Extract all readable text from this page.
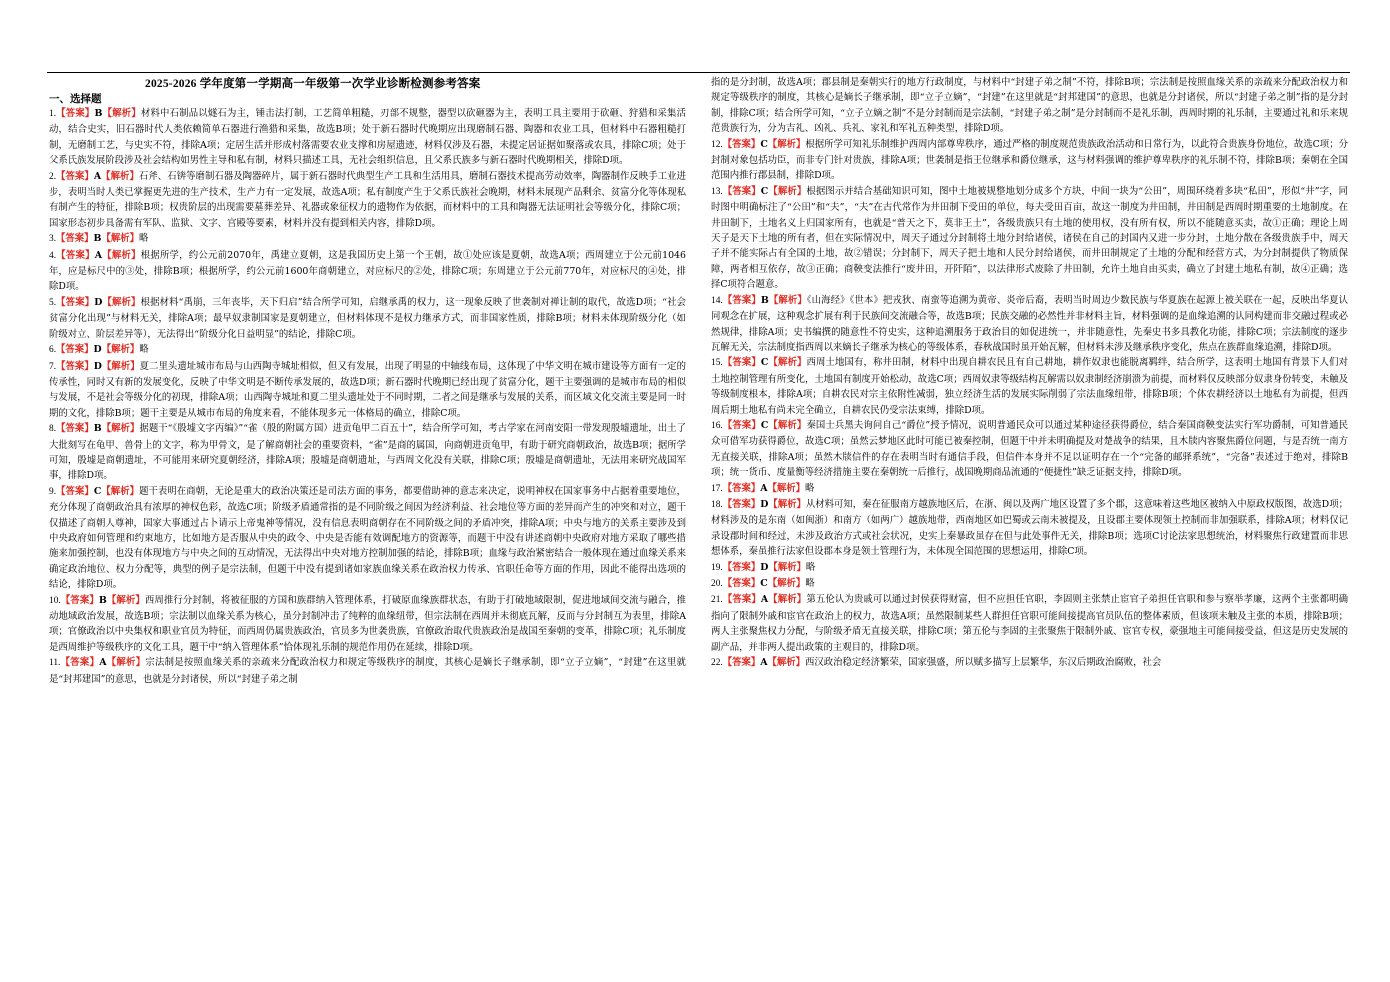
2025-2026 学年度第一学期高一年级第一次学业诊断检测参考答案
一、选择题
1.【答案】B【解析】材料中石制品以燧石为主，锤击法打制，工艺简单粗糙，刃部不规整，器型以砍砸器为主，表明工具主要用于砍砸、狩猎和采集活动，结合史实，旧石器时代人类依赖简单石器进行渔猎和采集，故选B项；处于新石器时代晚期应出现磨制石器、陶器和农业工具，但材料中石器粗糙打制，无磨制工艺，与史实不符，排除A项；定居生活并形成村落需要农业支撑和房屋遗迹，材料仅涉及石器，未提定居证据如聚落或农具，排除C项；处于父系氏族发展阶段涉及社会结构如男性主导和私有制，材料只描述工具，无社会组织信息，且父系氏族多与新石器时代晚期相关，排除D项。
2.【答案】A【解析】石斧、石锛等磨制石器及陶器碎片，属于新石器时代典型生产工具和生活用具，磨制石器技术提高劳动效率，陶器制作反映手工业进步，表明当时人类已掌握更先进的生产技术，生产力有一定发展，故选A项；私有制度产生于父系氏族社会晚期，材料未展现产品剩余、贫富分化等体现私有制产生的特征，排除B项；权贵阶层的出现需要墓葬差异、礼器或象征权力的遗物作为依据，而材料中的工具和陶器无法证明社会等级分化，排除C项；国家形态初步具备需有军队、监狱、文字、宫殿等要素，材料并没有提到相关内容，排除D项。
3.【答案】B【解析】略
4.【答案】A【解析】根据所学，约公元前2070年，禹建立夏朝，这是我国历史上第一个王朝，故①处应该是夏朝，故选A项；西周建立于公元前1046年，应是标尺中的③处，排除B项；根据所学，约公元前1600年商朝建立，对应标尺的②处，排除C项；东周建立于公元前770年，对应标尺的④处，排除D项。
5.【答案】D【解析】根据材料“禹崩，三年丧毕，天下归启”结合所学可知，启继承禹的权力，这一现象反映了世袭制对禅让制的取代，故选D项；“社会贫富分化出现”与材料无关，排除A项；最早奴隶制国家是夏朝建立，但材料体现不是权力继承方式，而非国家性质，排除B项；材料未体现阶级分化（如阶级对立、阶层差异等），无法得出“阶级分化日益明显”的结论，排除C项。
6.【答案】D【解析】略
7.【答案】D【解析】夏二里头遗址城市布局与山西陶寺城址相似，但又有发展，出现了明显的中轴线布局，这体现了中华文明在城市建设等方面有一定的传承性，同时又有新的发展变化，反映了中华文明是不断传承发展的，故选D项；新石器时代晚期已经出现了贫富分化，题干主要强调的是城市布局的相似与发展，不是社会等级分化的初现，排除A项；山西陶寺城址和夏二里头遗址处于不同时期，二者之间是继承与发展的关系，而区域文化交流主要是同一时期的文化，排除B项；题干主要是从城市布局的角度来看，不能体现多元一体格局的确立，排除C项。
8.【答案】B【解析】据题干“《殷墟文字丙编》”“雀（殷的附属方国）进贡龟甲二百五十”，结合所学可知，考古学家在河南安阳一带发现殷墟遗址，出土了大批刻写在龟甲、兽骨上的文字，称为甲骨文，是了解商朝社会的重要资料，“雀”是商的属国，向商朝进贡龟甲，有助于研究商朝政治，故选B项；据所学可知，殷墟是商朝遗址，不可能用来研究夏朝经济，排除A项；殷墟是商朝遗址，与西周文化没有关联，排除C项；殷墟是商朝遗址，无法用来研究战国军事，排除D项。
9.【答案】C【解析】题干表明在商朝，无论是重大的政治决策还是司法方面的事务，都要借助神的意志来决定，说明神权在国家事务中占据着重要地位，充分体现了商朝政治具有浓厚的神权色彩，故选C项；阶级矛盾通常指的是不同阶级之间因为经济利益、社会地位等方面的差异而产生的冲突和对立，题干仅描述了商朝人尊神，国家大事通过占卜请示上帝鬼神等情况，没有信息表明商朝存在不同阶级之间的矛盾冲突，排除A项；中央与地方的关系主要涉及到中央政府如何管理和约束地方，比如地方是否服从中央的政令、中央是否能有效调配地方的资源等，而题干中没有讲述商朝中央政府对地方采取了哪些措施来加强控制，也没有体现地方与中央之间的互动情况，无法得出中央对地方控制加强的结论，排除B项；血缘与政治紧密结合一般体现在通过血缘关系来确定政治地位、权力分配等，典型的例子是宗法制，但题干中没有提到诸如家族血缘关系在政治权力传承、官职任命等方面的作用，因此不能得出选项的结论，排除D项。
10.【答案】B【解析】西周推行分封制，将被征服的方国和族群纳入管理体系，打破原血缘族群状态，有助于打破地域限制，促进地域间交流与融合，推动地域政治发展，故选B项；宗法制以血缘关系为核心，虽分封制冲击了纯粹的血缘纽带，但宗法制在西周并未彻底瓦解，反而与分封制互为表里，排除A项；官僚政治以中央集权和职业官员为特征，而西周仍属贵族政治，官员多为世袭贵族，官僚政治取代贵族政治是战国至秦朝的变革，排除C项；礼乐制度是西周维护等级秩序的文化工具，题干中“纳入管理体系”恰体现礼乐制的规范作用仍在延续，排除D项。
11.【答案】A【解析】宗法制是按照血缘关系的亲疏来分配政治权力和规定等级秩序的制度，其核心是嫡长子继承制，即“立子立嫡”，“封建”在这里就是“封邦建国”的意思，也就是分封诸侯，所以“封建子弟之制
指的是分封制，故选A项；郡县制是秦朝实行的地方行政制度，与材料中“封建子弟之制”不符，排除B项；宗法制是按照血缘关系的亲疏来分配政治权力和规定等级秩序的制度，其核心是嫡长子继承制，即“立子立嫡”，“封建”在这里就是“封邦建国”的意思，也就是分封诸侯，所以“封建子弟之制”指的是分封制，排除C项；结合所学可知，“立子立嫡之制”不是分封制而是宗法制，“封建子弟之制”是分封制而不是礼乐制，西周时期的礼乐制，主要通过礼和乐来规范贵族行为，分为吉礼、凶礼、兵礼、家礼和军礼五种类型，排除D项。
12.【答案】C【解析】根据所学可知礼乐制维护西周内部尊卑秩序，通过严格的制度规范贵族政治活动和日常行为，以此符合贵族身份地位，故选C项；分封制对象包括功臣，而非专门针对贵族，排除A项；世袭制是指王位继承和爵位继承，这与材料强调的维护尊卑秩序的礼乐制不符，排除B项；秦朝在全国范围内推行郡县制，排除D项。
13.【答案】C【解析】根据图示并结合基础知识可知，图中土地被规整地划分成多个方块，中间一块为“公田”，周围环绕着多块“私田”，形似“井”字，同时图中明确标注了“公田”和“夫”，“夫”在古代常作为井田制下受田的单位，每夫受田百亩，故这一制度为井田制，井田制是西周时期重要的土地制度。在井田制下，土地名义上归国家所有，也就是“普天之下，莫非王土”，各级贵族只有土地的使用权，没有所有权，所以不能随意买卖，故①正确；理论上周天子是天下土地的所有者，但在实际情况中，周天子通过分封制将土地分封给诸侯，诸侯在自己的封国内又进一步分封，土地分散在各级贵族手中，周天子并不能实际占有全国的土地，故②错误；分封制下，周天子把土地和人民分封给诸侯，而井田制规定了土地的分配和经营方式，为分封制提供了物质保障，两者相互依存，故③正确；商鞅变法推行“废井田，开阡陌”，以法律形式废除了井田制，允许土地自由买卖，确立了封建土地私有制，故④正确；选择C项符合题意。
14.【答案】B【解析】《山海经》《世本》把戎狄、南蛮等追溯为黄帝、炎帝后裔，表明当时周边少数民族与华夏族在起源上被关联在一起，反映出华夏认同观念在扩展，这种观念扩展有利于民族间交流融合等，故选B项；民族交融的必然性并非材料主旨，材料强调的是血缘追溯的认同构建而非交融过程或必然规律，排除A项；史书编撰的随意性不符史实，这种追溯服务于政治目的如促进统一，并非随意性，先秦史书多具教化功能，排除C项；宗法制度的逐步瓦解无关，宗法制度指西周以来嫡长子继承为核心的等级体系，春秋战国时虽开始瓦解，但材料未涉及继承秩序变化，焦点在族群血缘追溯，排除D项。
15.【答案】C【解析】西周土地国有，称井田制，材料中出现自耕农民且有自己耕地，耕作奴隶也能脱离羁绊，结合所学，这表明土地国有背景下人们对土地控制管理有所变化，土地国有制度开始松动，故选C项；西周奴隶等级结构瓦解需以奴隶制经济崩溃为前提，而材料仅反映部分奴隶身份转变，未触及等级制度根本，排除A项；自耕农民对宗主依附性减弱，独立经济生活的发展实际削弱了宗法血缘纽带，排除B项；个体农耕经济以土地私有为前提，但西周后期土地私有尚未完全确立，自耕农民仍受宗法束缚，排除D项。
16.【答案】C【解析】秦国士兵黑夫询问自己“爵位”授予情况，说明普通民众可以通过某种途径获得爵位，结合秦国商鞅变法实行军功爵制，可知普通民众可借军功获得爵位，故选C项；虽然云梦地区此时可能已被秦控制，但题干中并未明确提及对楚战争的结果，且木牍内容聚焦爵位问题，与是否统一南方无直接关联，排除A项；虽然木牍信件的存在表明当时有通信手段，但信件本身并不足以证明存在一个“完备的邮驿系统”，“完备”表述过于绝对，排除B项；统一货币、度量衡等经济措施主要在秦朝统一后推行，战国晚期商品流通的“便捷性”缺乏证据支持，排除D项。
17.【答案】A【解析】略
18.【答案】D【解析】从材料可知，秦在征服南方越族地区后，在浙、闽以及两广地区设置了多个郡，这意味着这些地区被纳入中原政权版图，故选D项；材料涉及的是东南（如闽浙）和南方（如两广）越族地带，西南地区如巴蜀或云南未被提及，且设郡主要体现领土控制而非加强联系，排除A项；材料仅记录设郡时间和经过，未涉及政治方式或社会状况，史实上秦暴政虽存在但与此处事件无关，排除B项；选项C讨论法家思想统治，材料聚焦行政建置而非思想体系，秦虽推行法家但设郡本身是领土管理行为，未体现全国范围的思想运用，排除C项。
19.【答案】D【解析】略
20.【答案】C【解析】略
21.【答案】A【解析】第五伦认为贵戚可以通过封侯获得财富，但不应担任官职，李固则主张禁止宦官子弟担任官职和参与察举孝廉，这两个主张都明确指向了限制外戚和宦官在政治上的权力，故选A项；虽然限制某些人群担任官职可能间接提高官员队伍的整体素质，但该项未触及主张的本质，排除B项；两人主张聚焦权力分配，与阶级矛盾无直接关联，排除C项；第五伦与李固的主张聚焦于限制外戚、宦官专权，豪强地主可能间接受益，但这是历史发展的副产品，并非两人提出政策的主观目的，排除D项。
22.【答案】A【解析】西汉政治稳定经济繁荣，国家强盛，所以赋多描写上层繁华，东汉后期政治腐败，社会
